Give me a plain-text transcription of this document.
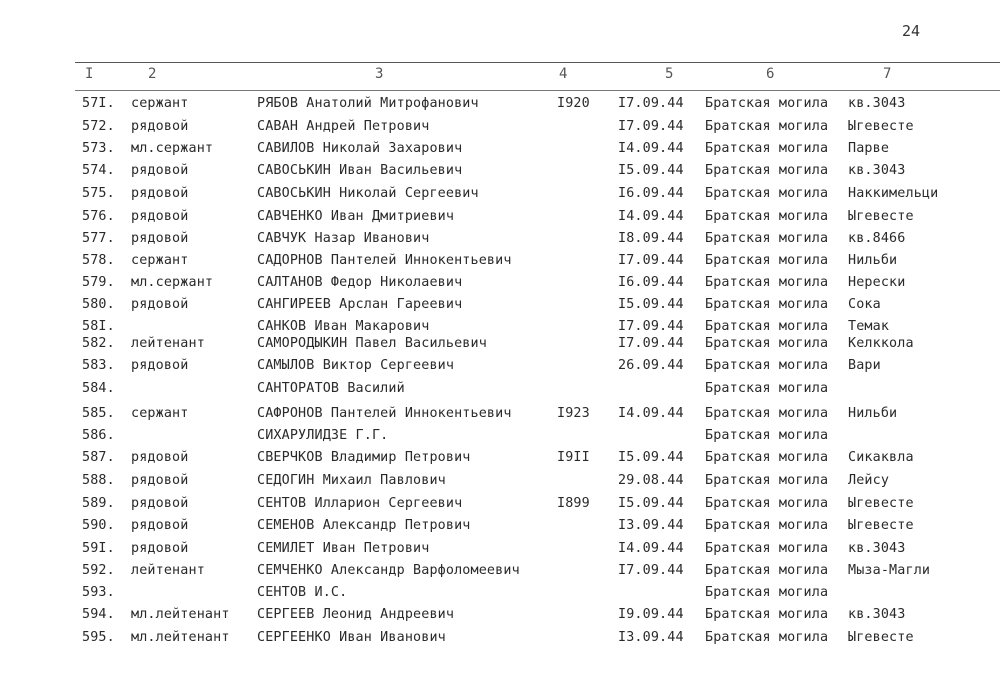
24
I	2	3	4	5	6	7
57I. сержант	РЯБОВ Анатолий Митрофанович	I920 I7.09.44 Братская могила кв.3043
572. рядовой	САВАН Андрей Петрович	I7.09.44 Братская могила Ыгевесте
573. мл.сержант	САВИЛОВ Николай Захарович	I4.09.44 Братская могила Парве
574. рядовой	САВОСЬКИН Иван Васильевич	I5.09.44 Братская могила кв.3043
575. рядовой	САВОСЬКИН Николай Сергеевич	I6.09.44 Братская могила Наккимельци
576. рядовой	САВЧЕНКО Иван Дмитриевич	I4.09.44 Братская могила Ыгевесте
577. рядовой	САВЧУК Назар Иванович	I8.09.44 Братская могила кв.8466
578. сержант	САДОРНОВ Пантелей Иннокентьевич	I7.09.44 Братская могила Нильби
579. мл.сержант	САЛТАНОВ Федор Николаевич	I6.09.44 Братская могила Нерески
580. рядовой	САНГИРЕЕВ Арслан Гареевич	I5.09.44 Братская могила Сока
58I.	САНКОВ Иван Макарович	I7.09.44 Братская могила Темак
582. лейтенант	САМОРОДЫКИН Павел Васильевич	I7.09.44 Братская могила Келккола
583. рядовой	САМЫЛОВ Виктор Сергеевич	26.09.44 Братская могила Вари
584.	САНТОРАТОВ Василий	Братская могила
585. сержант	САФРОНОВ Пантелей Иннокентьевич	I923 I4.09.44 Братская могила Нильби
586.	СИХАРУЛИДЗЕ Г.Г.	Братская могила
587. рядовой	СВЕРЧКОВ Владимир Петрович	I9II I5.09.44 Братская могила Сикаквла
588. рядовой	СЕДОГИН Михаил Павлович	29.08.44 Братская могила Лейсу
589. рядовой	СЕНТОВ Илларион Сергеевич	I899 I5.09.44 Братская могила Ыгевесте
590. рядовой	СЕМЕНОВ Александр Петрович	I3.09.44 Братская могила Ыгевесте
59I. рядовой	СЕМИЛЕТ Иван Петрович	I4.09.44 Братская могила кв.3043
592. лейтенант	СЕМЧЕНКО Александр Варфоломеевич	I7.09.44 Братская могила Мыза-Магли
593.	СЕНТОВ И.С.	Братская могила
594. мл.лейтенант СЕРГЕЕВ Леонид Андреевич	I9.09.44 Братская могила кв.3043
595. мл.лейтенант СЕРГЕЕНКО Иван Иванович	I3.09.44 Братская могила Ыгевесте
